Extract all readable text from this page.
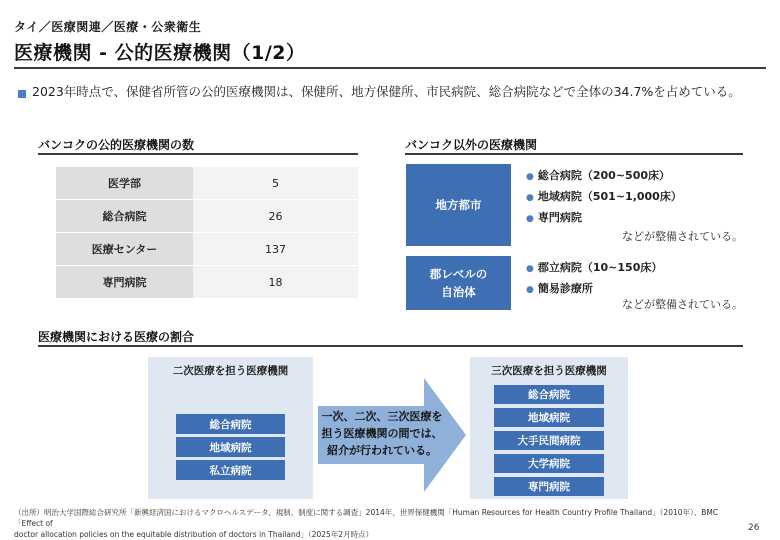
タイ／医療関連／医療・公衆衛生
医療機関 - 公的医療機関（1/2）
2023年時点で、保健省所管の公的医療機関は、保健所、地方保健所、市民病院、総合病院などで全体の34.7%を占めている。
バンコクの公的医療機関の数
医学部	5
総合病院	26
医療センター	137
専門病院	18
バンコク以外の医療機関
地方都市
● 総合病院（200~500床）
● 地域病院（501~1,000床）
● 専門病院
などが整備されている。
郡レベルの
自治体
● 郡立病院（10~150床）
● 簡易診療所
などが整備されている。
医療機関における医療の割合
二次医療を担う医療機関
総合病院
地域病院
私立病院
一次、二次、三次医療を
担う医療機関の間では、
紹介が行われている。
三次医療を担う医療機関
総合病院
地域病院
大手民間病院
大学病院
専門病院
（出所）明治大学国際総合研究所「新興経済国におけるマクロヘルスデータ、規制、制度に関する調査」2014年、世界保健機関「Human Resources for Health Country Profile Thailand」（2010年）、BMC「Effect of
doctor allocation policies on the equitable distribution of doctors in Thailand」（2025年2月時点）
26
